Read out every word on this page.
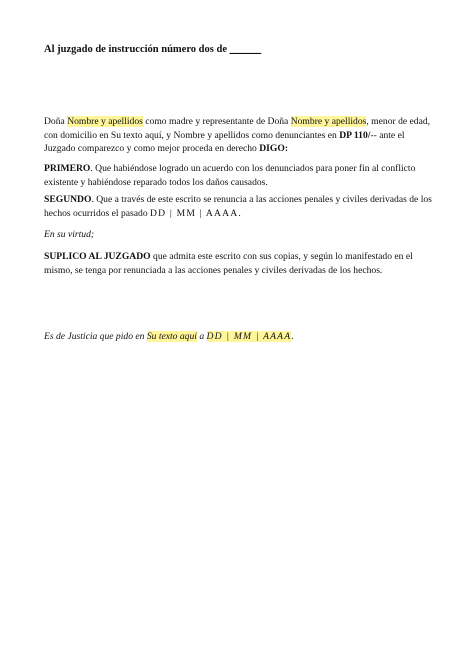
Al juzgado de instrucción número dos de ______
Doña Nombre y apellidos como madre y representante de Doña Nombre y apellidos, menor de edad, con domicilio en Su texto aquí, y Nombre y apellidos como denunciantes en DP 110/-- ante el Juzgado comparezco y como mejor proceda en derecho DIGO:
PRIMERO. Que habiéndose logrado un acuerdo con los denunciados para poner fin al conflicto existente y habiéndose reparado todos los daños causados.
SEGUNDO. Que a través de este escrito se renuncia a las acciones penales y civiles derivadas de los hechos ocurridos el pasado DD | MM | AAAA.
En su virtud;
SUPLICO AL JUZGADO que admita este escrito con sus copias, y según lo manifestado en el mismo, se tenga por renunciada a las acciones penales y civiles derivadas de los hechos.
Es de Justicia que pido en Su texto aquí a DD | MM | AAAA.
